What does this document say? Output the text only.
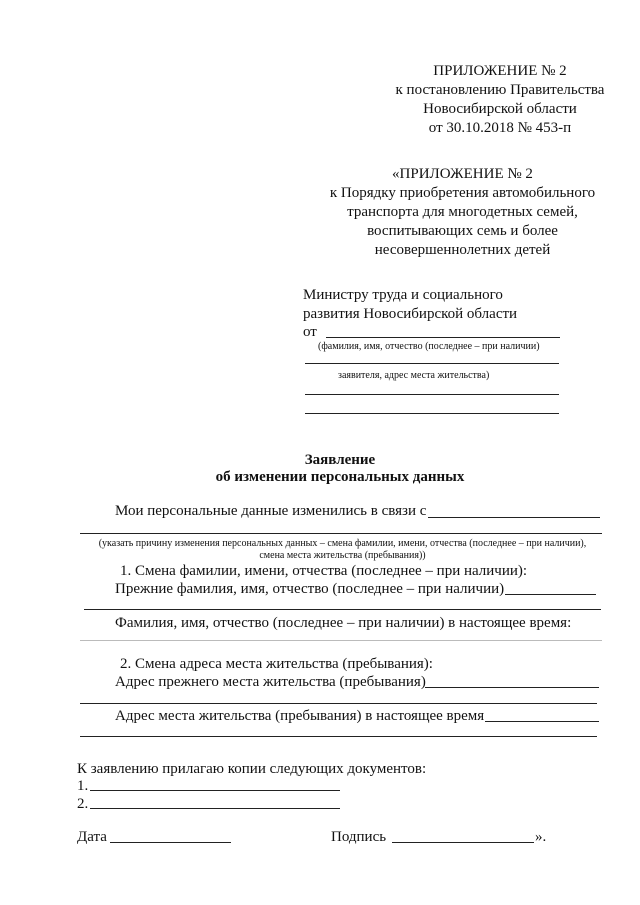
ПРИЛОЖЕНИЕ № 2
к постановлению Правительства
Новосибирской области
от 30.10.2018 № 453-п
«ПРИЛОЖЕНИЕ № 2
к Порядку приобретения автомобильного
транспорта для многодетных семей,
воспитывающих семь и более
несовершеннолетних детей
Министру труда и социального
развития Новосибирской области
от
(фамилия, имя, отчество (последнее – при наличии)
заявителя, адрес места жительства)
Заявление
об изменении персональных данных
Мои персональные данные изменились в связи с
(указать причину изменения персональных данных – смена фамилии, имени, отчества (последнее – при наличии),
смена места жительства (пребывания))
1. Смена фамилии, имени, отчества (последнее – при наличии):
Прежние фамилия, имя, отчество (последнее – при наличии)
Фамилия, имя, отчество (последнее – при наличии) в настоящее время:
2. Смена адреса места жительства (пребывания):
Адрес прежнего места жительства (пребывания)
Адрес места жительства (пребывания) в настоящее время
К заявлению прилагаю копии следующих документов:
1.
2.
Дата	Подпись	».
